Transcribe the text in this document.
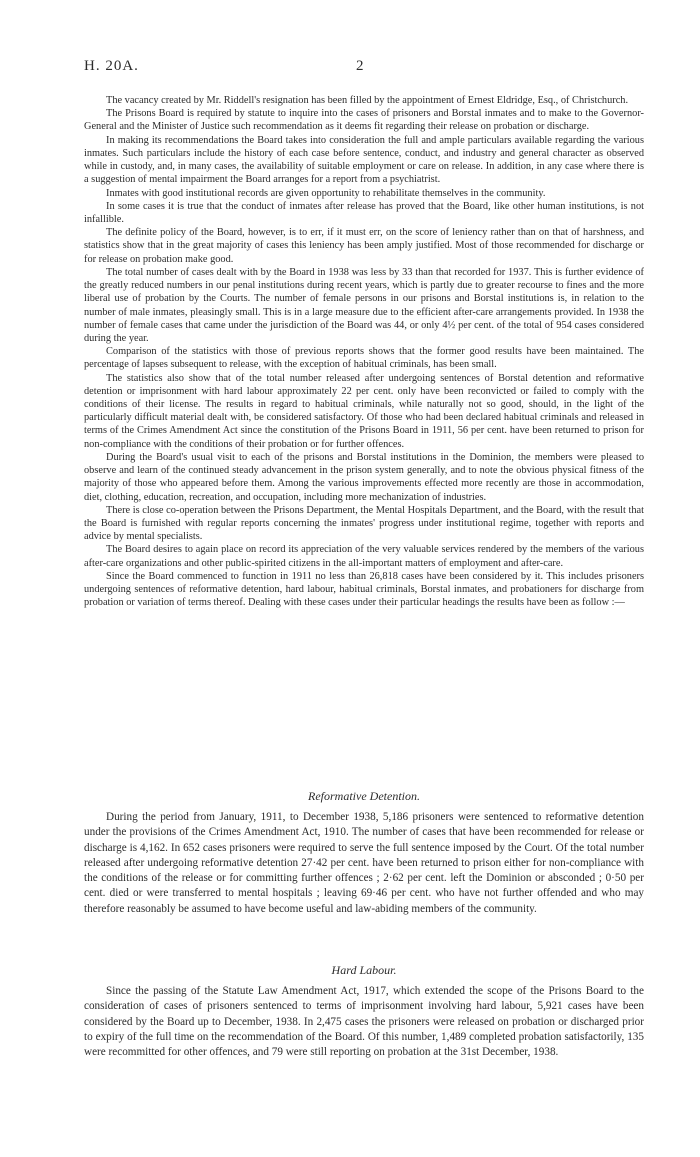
H. 20A.	2

The vacancy created by Mr. Riddell's resignation has been filled by the appointment of Ernest Eldridge, Esq., of Christchurch.

The Prisons Board is required by statute to inquire into the cases of prisoners and Borstal inmates and to make to the Governor-General and the Minister of Justice such recommendation as it deems fit regarding their release on probation or discharge.

In making its recommendations the Board takes into consideration the full and ample particulars available regarding the various inmates. Such particulars include the history of each case before sentence, conduct, and industry and general character as observed while in custody, and, in many cases, the availability of suitable employment or care on release. In addition, in any case where there is a suggestion of mental impairment the Board arranges for a report from a psychiatrist.

Inmates with good institutional records are given opportunity to rehabilitate themselves in the community.

In some cases it is true that the conduct of inmates after release has proved that the Board, like other human institutions, is not infallible.

The definite policy of the Board, however, is to err, if it must err, on the score of leniency rather than on that of harshness, and statistics show that in the great majority of cases this leniency has been amply justified. Most of those recommended for discharge or for release on probation make good.

The total number of cases dealt with by the Board in 1938 was less by 33 than that recorded for 1937. This is further evidence of the greatly reduced numbers in our penal institutions during recent years, which is partly due to greater recourse to fines and the more liberal use of probation by the Courts. The number of female persons in our prisons and Borstal institutions is, in relation to the number of male inmates, pleasingly small. This is in a large measure due to the efficient after-care arrangements provided. In 1938 the number of female cases that came under the jurisdiction of the Board was 44, or only 4½ per cent. of the total of 954 cases considered during the year.

Comparison of the statistics with those of previous reports shows that the former good results have been maintained. The percentage of lapses subsequent to release, with the exception of habitual criminals, has been small.

The statistics also show that of the total number released after undergoing sentences of Borstal detention and reformative detention or imprisonment with hard labour approximately 22 per cent. only have been reconvicted or failed to comply with the conditions of their license. The results in regard to habitual criminals, while naturally not so good, should, in the light of the particularly difficult material dealt with, be considered satisfactory. Of those who had been declared habitual criminals and released in terms of the Crimes Amendment Act since the constitution of the Prisons Board in 1911, 56 per cent. have been returned to prison for non-compliance with the conditions of their probation or for further offences.

During the Board's usual visit to each of the prisons and Borstal institutions in the Dominion, the members were pleased to observe and learn of the continued steady advancement in the prison system generally, and to note the obvious physical fitness of the majority of those who appeared before them. Among the various improvements effected more recently are those in accommodation, diet, clothing, education, recreation, and occupation, including more mechanization of industries.

There is close co-operation between the Prisons Department, the Mental Hospitals Department, and the Board, with the result that the Board is furnished with regular reports concerning the inmates' progress under institutional regime, together with reports and advice by mental specialists.

The Board desires to again place on record its appreciation of the very valuable services rendered by the members of the various after-care organizations and other public-spirited citizens in the all-important matters of employment and after-care.

Since the Board commenced to function in 1911 no less than 26,818 cases have been considered by it. This includes prisoners undergoing sentences of reformative detention, hard labour, habitual criminals, Borstal inmates, and probationers for discharge from probation or variation of terms thereof. Dealing with these cases under their particular headings the results have been as follow :—

Reformative Detention.

During the period from January, 1911, to December 1938, 5,186 prisoners were sentenced to reformative detention under the provisions of the Crimes Amendment Act, 1910. The number of cases that have been recommended for release or discharge is 4,162. In 652 cases prisoners were required to serve the full sentence imposed by the Court. Of the total number released after undergoing reformative detention 27·42 per cent. have been returned to prison either for non-compliance with the conditions of the release or for committing further offences ; 2·62 per cent. left the Dominion or absconded ; 0·50 per cent. died or were transferred to mental hospitals ; leaving 69·46 per cent. who have not further offended and who may therefore reasonably be assumed to have become useful and law-abiding members of the community.

Hard Labour.

Since the passing of the Statute Law Amendment Act, 1917, which extended the scope of the Prisons Board to the consideration of cases of prisoners sentenced to terms of imprisonment involving hard labour, 5,921 cases have been considered by the Board up to December, 1938. In 2,475 cases the prisoners were released on probation or discharged prior to expiry of the full time on the recommendation of the Board. Of this number, 1,489 completed probation satisfactorily, 135 were recommitted for other offences, and 79 were still reporting on probation at the 31st December, 1938.
